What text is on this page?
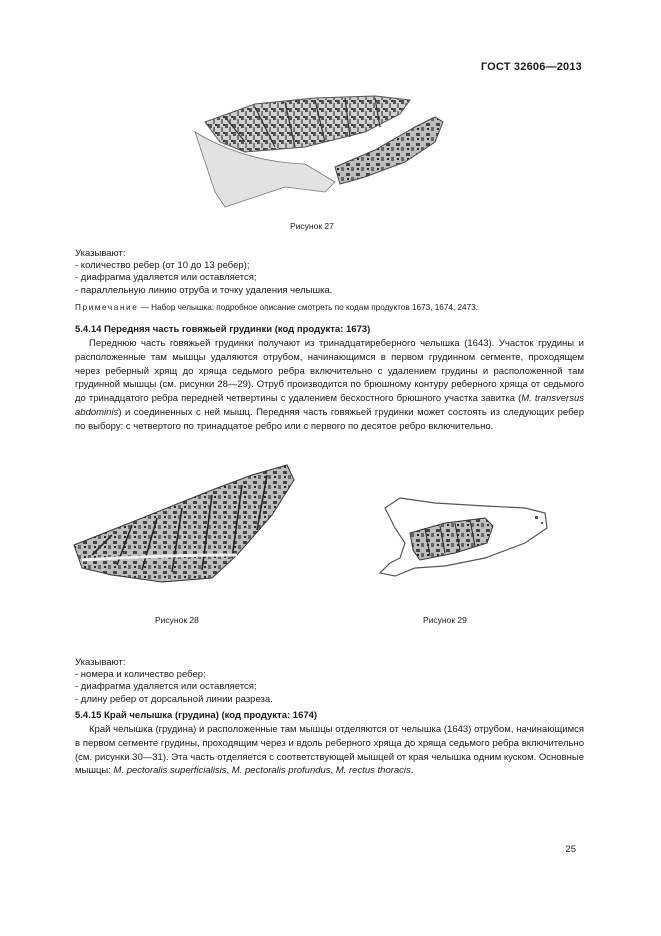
ГОСТ 32606—2013
Рисунок 27
Указывают:
- количество ребер (от 10 до 13 ребер);
- диафрагма удаляется или оставляется;
- параллельную линию отруба и точку удаления челышка.
Примечание — Набор челышка: подробное описание смотреть по кодам продуктов 1673, 1674, 2473.
5.4.14 Передняя часть говяжьей грудинки (код продукта: 1673)

Переднюю часть говяжьей грудинки получают из тринадцатиреберного челышка (1643). Участок грудины и расположенные там мышцы удаляются отрубом, начинающимся в первом грудинном сегменте, проходящем через реберный хрящ до хряща седьмого ребра включительно с удалением грудины и расположенной там грудинной мышцы (см. рисунки 28—29). Отруб производится по брюшному контуру реберного хряща от седьмого до тринадцатого ребра передней четвертины с удалением бесхостного брюшного участка завитка (M. transversus abdominis) и соединенных с ней мышц. Передняя часть говяжьей грудинки может состоять из следующих ребер по выбору: с четвертого по тринадцатое ребро или с первого по десятое ребро включительно.

Рисунок 28	Рисунок 29
Указывают:
- номера и количество ребер;
- диафрагма удаляется или оставляется;
- длину ребер от дорсальной линии разреза.
5.4.15 Край челышка (грудина) (код продукта: 1674)

Край челышка (грудина) и расположенные там мышцы отделяются от челышка (1643) отрубом, начинающимся в первом сегменте грудины, проходящим через и вдоль реберного хряща до хряща седьмого ребра включительно (см. рисунки 30—31). Эта часть отделяется с соответствующей мышцей от края челышка одним куском. Основные мышцы: M. pectoralis superficialisis, M. pectoralis profundus, M. rectus thoracis.

25
